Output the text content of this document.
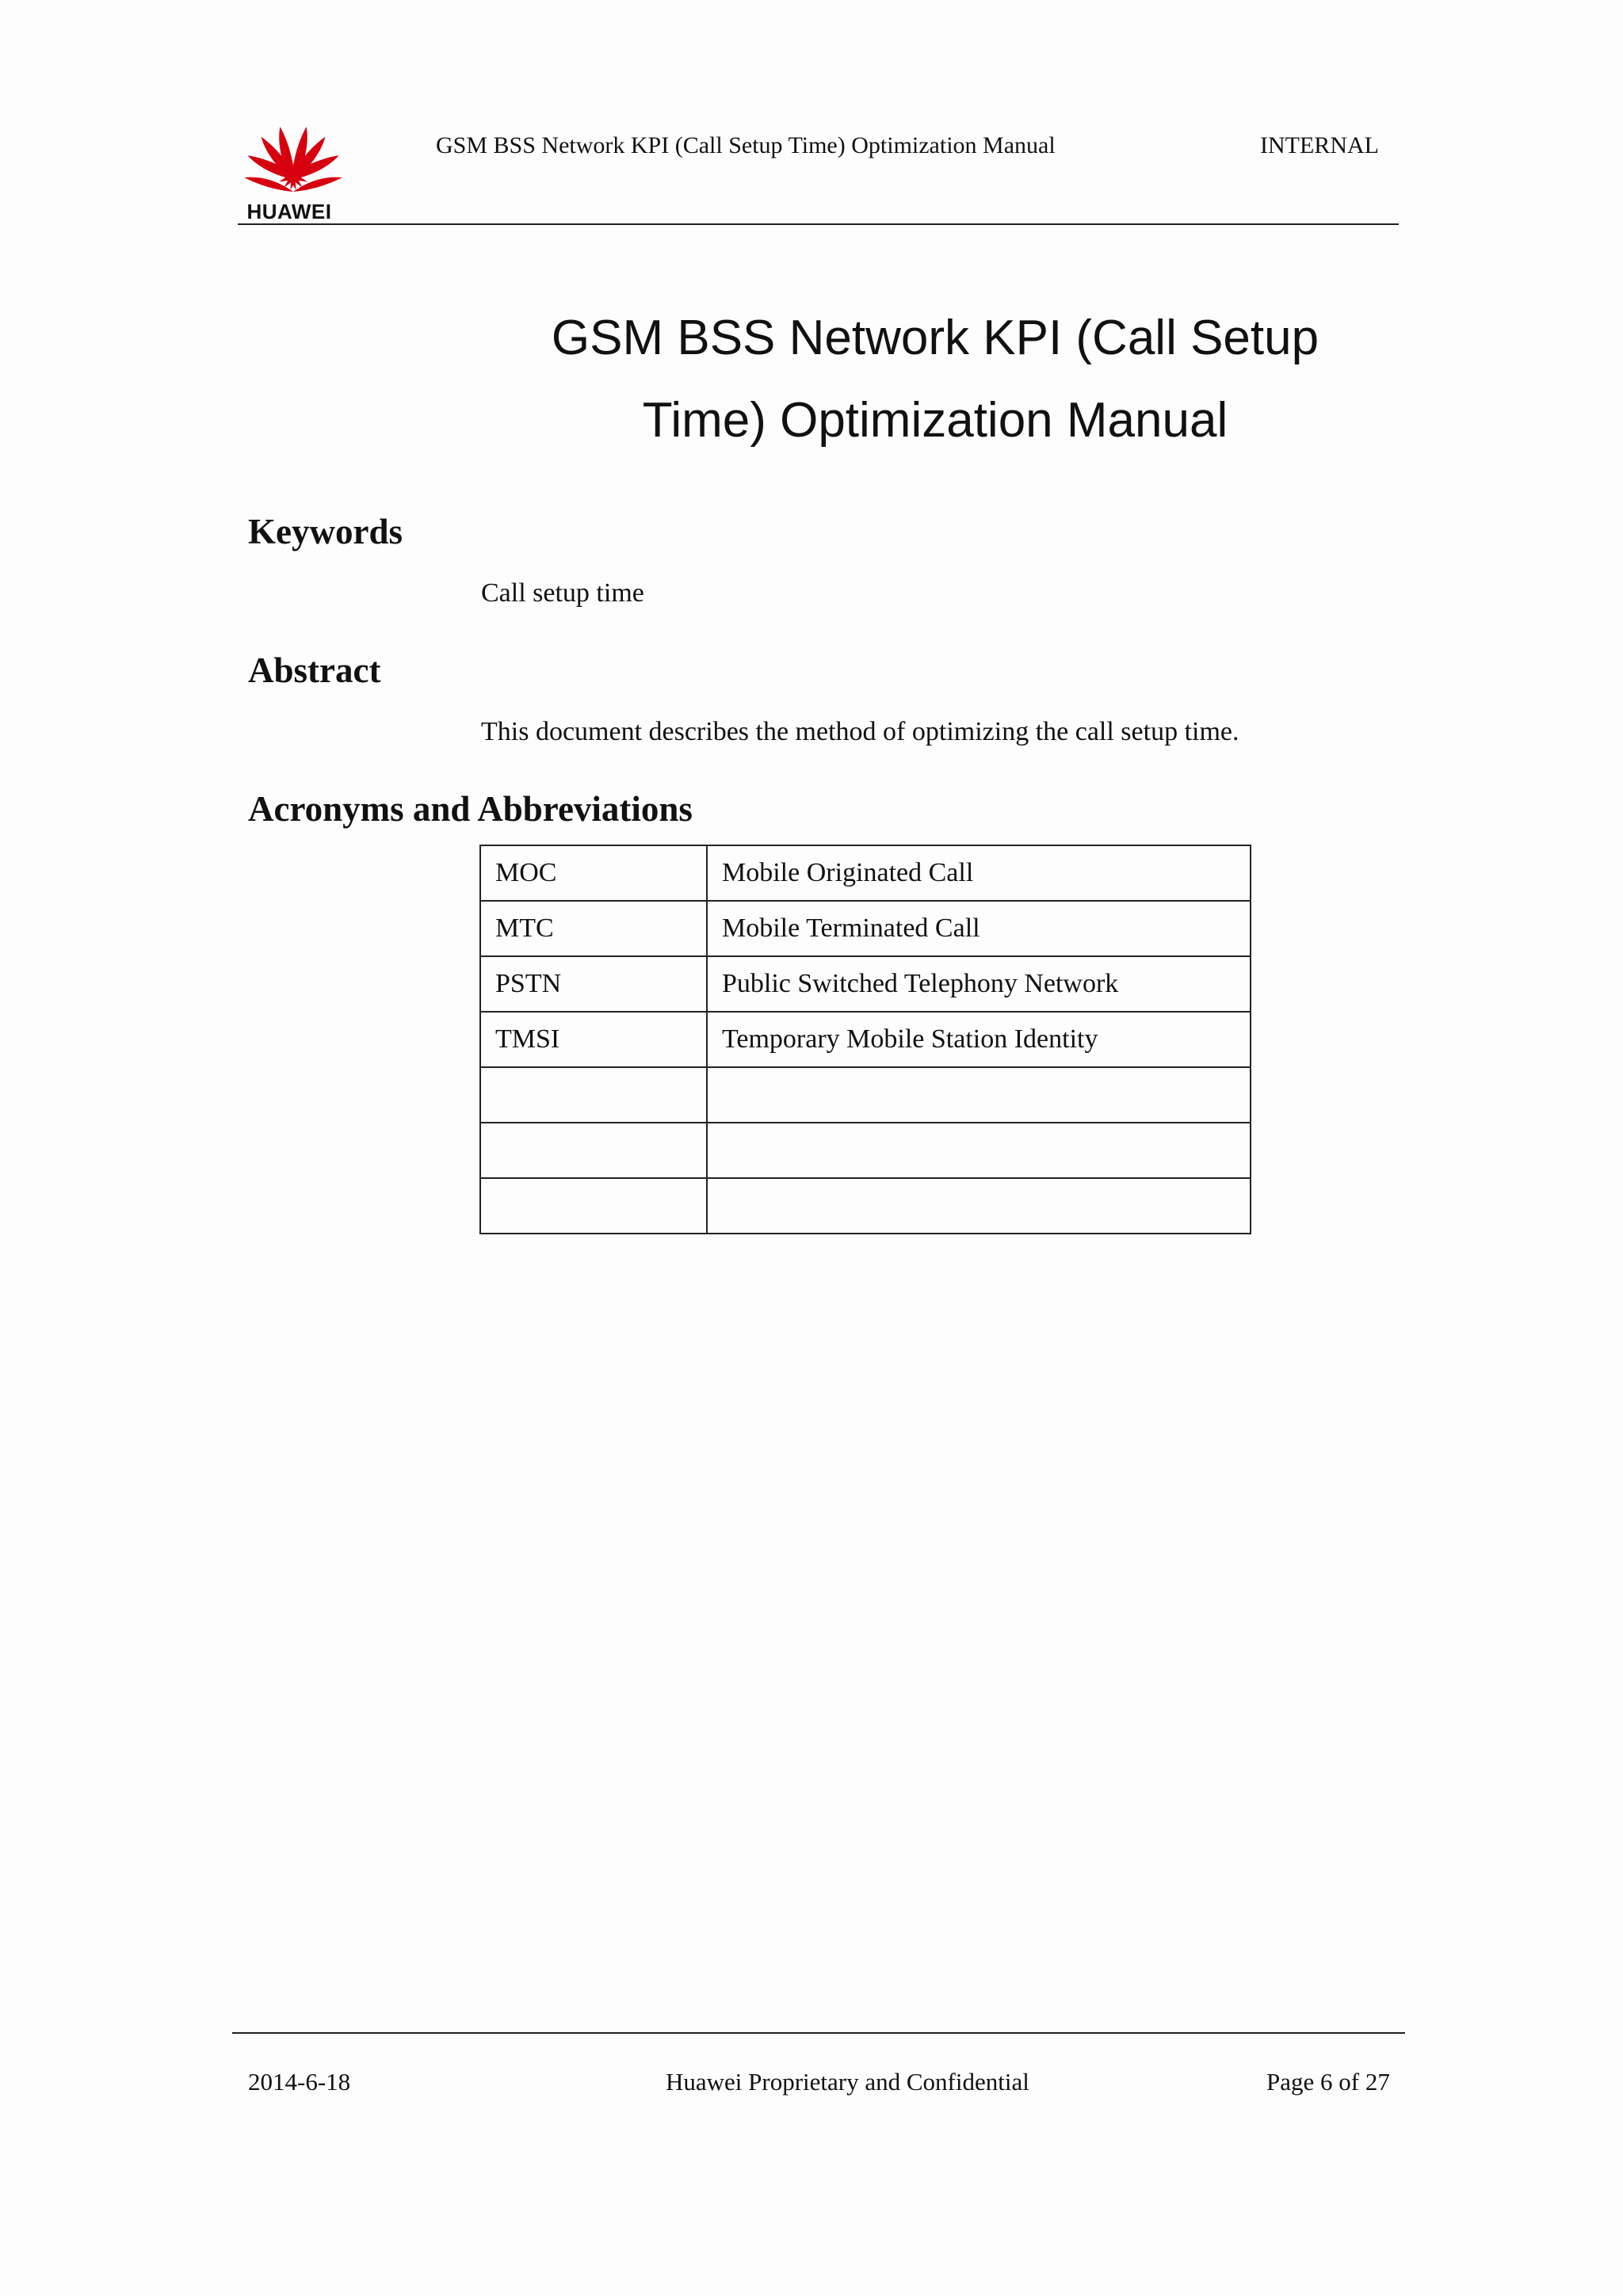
HUAWEI
GSM BSS Network KPI (Call Setup Time) Optimization Manual	INTERNAL
GSM BSS Network KPI (Call Setup
Time) Optimization Manual
Keywords
Call setup time
Abstract
This document describes the method of optimizing the call setup time.
Acronyms and Abbreviations
MOC	Mobile Originated Call
MTC	Mobile Terminated Call
PSTN	Public Switched Telephony Network
TMSI	Temporary Mobile Station Identity

2014-6-18	Huawei Proprietary and Confidential	Page 6 of 27
